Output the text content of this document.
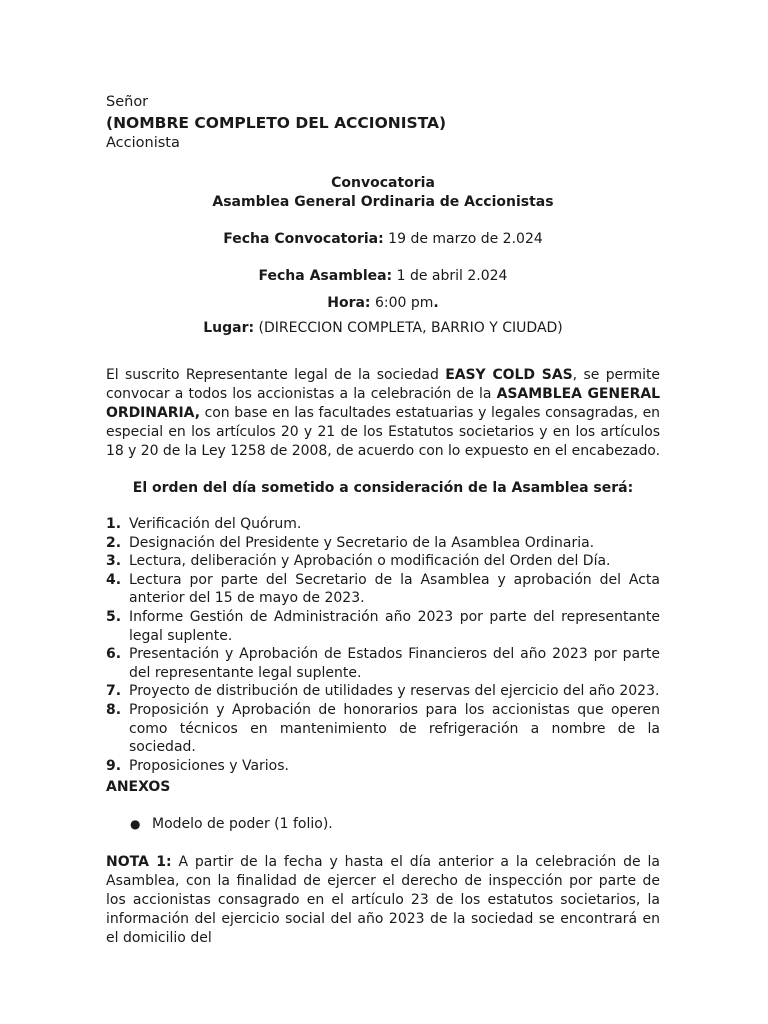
Señor
(NOMBRE COMPLETO DEL ACCIONISTA)
Accionista
Convocatoria
Asamblea General Ordinaria de Accionistas
Fecha Convocatoria: 19 de marzo de 2.024
Fecha Asamblea: 1 de abril 2.024
Hora: 6:00 pm.
Lugar: (DIRECCION COMPLETA, BARRIO Y CIUDAD)
El suscrito Representante legal de la sociedad EASY COLD SAS, se permite convocar a todos los accionistas a la celebración de la ASAMBLEA GENERAL ORDINARIA, con base en las facultades estatuarias y legales consagradas, en especial en los artículos 20 y 21 de los Estatutos societarios y en los artículos 18 y 20 de la Ley 1258 de 2008, de acuerdo con lo expuesto en el encabezado.
El orden del día sometido a consideración de la Asamblea será:
1. Verificación del Quórum.
2. Designación del Presidente y Secretario de la Asamblea Ordinaria.
3. Lectura, deliberación y Aprobación o modificación del Orden del Día.
4. Lectura por parte del Secretario de la Asamblea y aprobación del Acta anterior del 15 de mayo de 2023.
5. Informe Gestión de Administración año 2023 por parte del representante legal suplente.
6. Presentación y Aprobación de Estados Financieros del año 2023 por parte del representante legal suplente.
7. Proyecto de distribución de utilidades y reservas del ejercicio del año 2023.
8. Proposición y Aprobación de honorarios para los accionistas que operen como técnicos en mantenimiento de refrigeración a nombre de la sociedad.
9. Proposiciones y Varios.
ANEXOS
● Modelo de poder (1 folio).
NOTA 1: A partir de la fecha y hasta el día anterior a la celebración de la Asamblea, con la finalidad de ejercer el derecho de inspección por parte de los accionistas consagrado en el artículo 23 de los estatutos societarios, la información del ejercicio social del año 2023 de la sociedad se encontrará en el domicilio del
